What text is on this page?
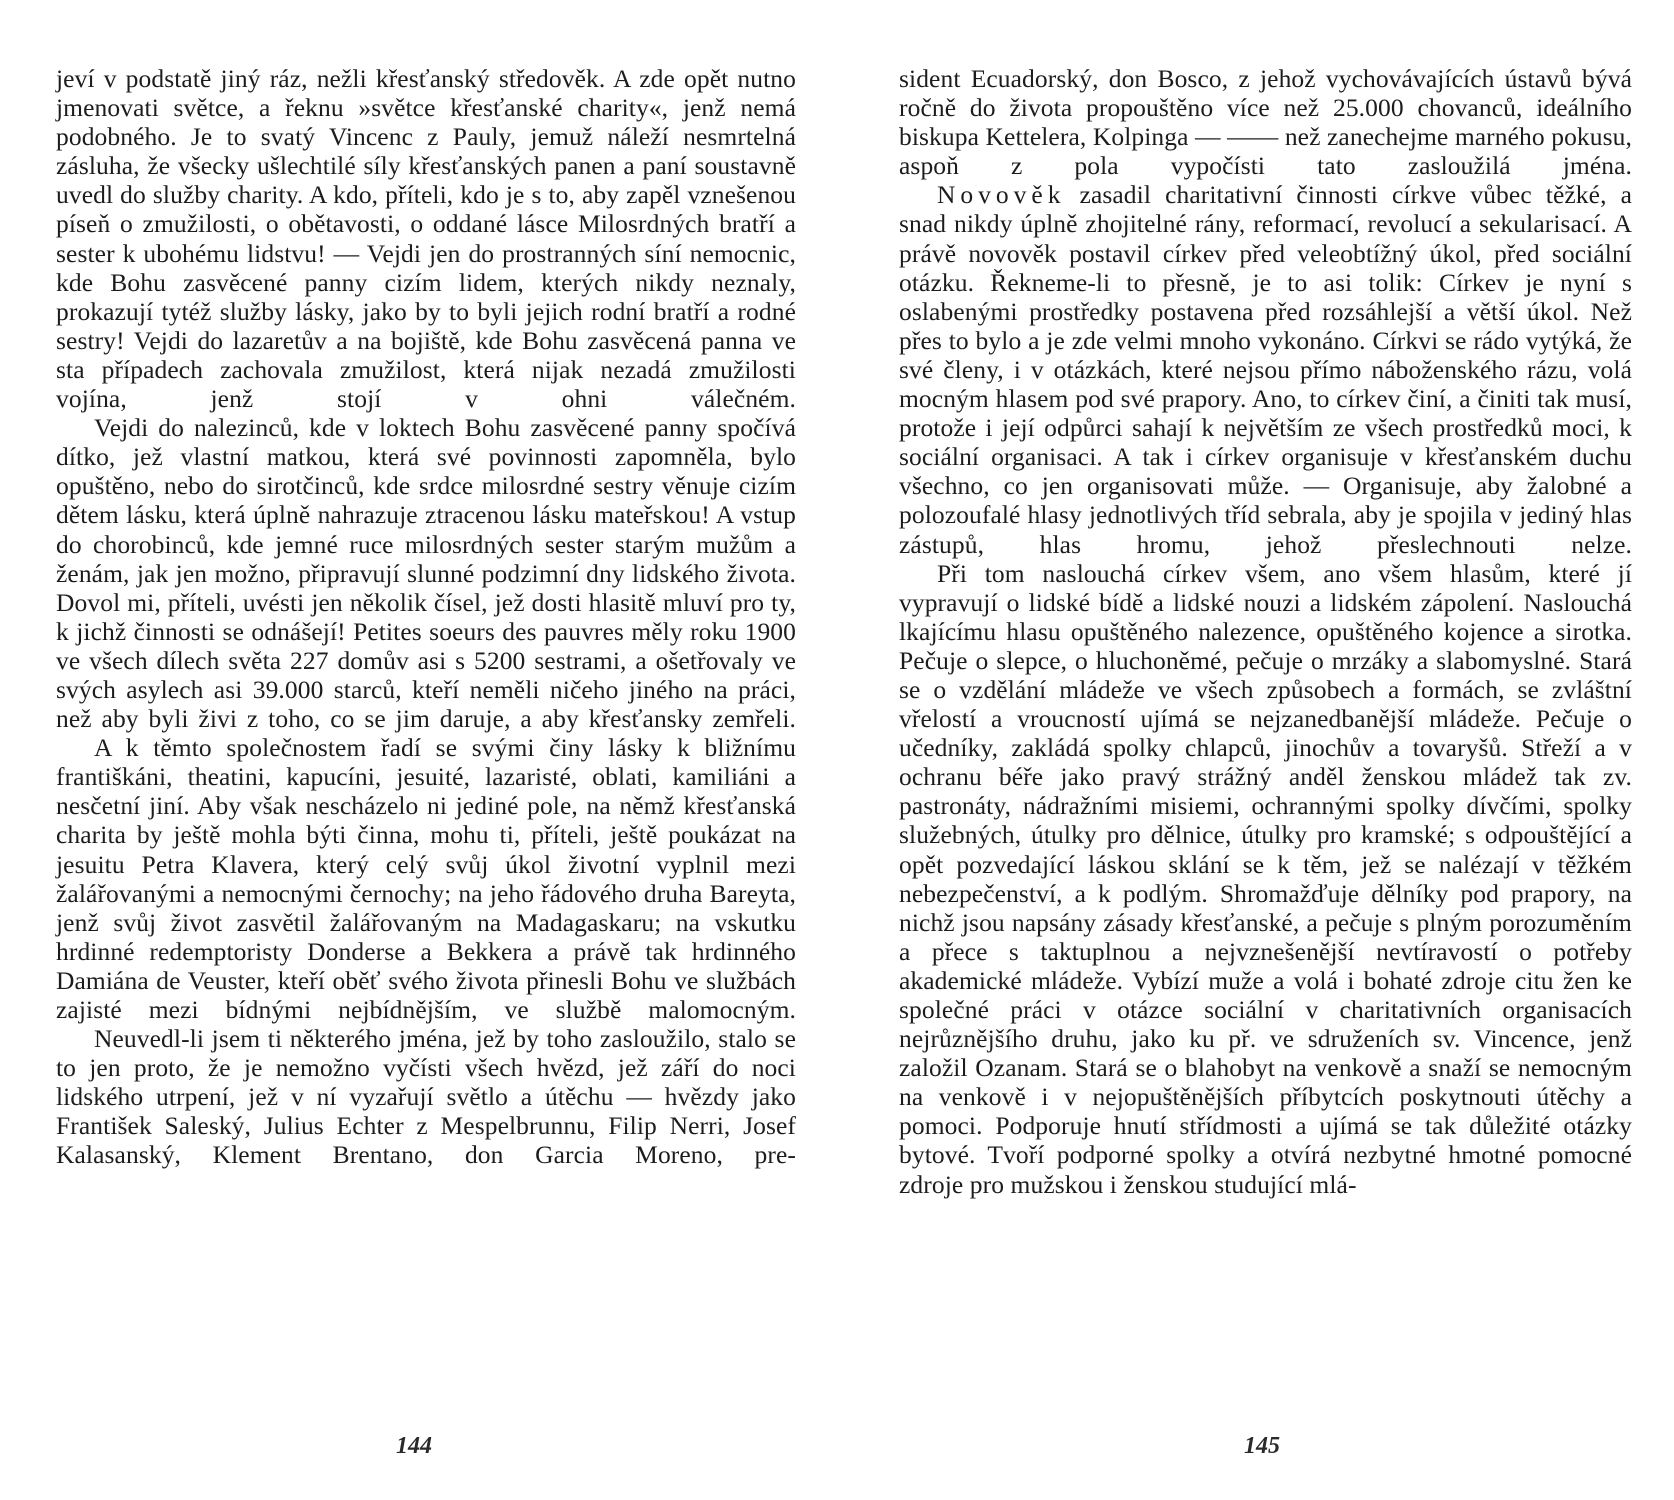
jeví v podstatě jiný ráz, nežli křesťanský středověk. A zde opět nutno jmenovati světce, a řeknu »světce křesťanské charity«, jenž nemá podobného. Je to svatý Vincenc z Pauly, jemuž náleží nesmrtelná zásluha, že všecky ušlechtilé síly křesťanských panen a paní soustavně uvedl do služby charity. A kdo, příteli, kdo je s to, aby zapěl vznešenou píseň o zmužilosti, o obětavosti, o oddané lásce Milosrdných bratří a sester k ubohému lidstvu! — Vejdi jen do prostranných síní nemocnic, kde Bohu zasvěcené panny cizím lidem, kterých nikdy neznaly, prokazují tytéž služby lásky, jako by to byli jejich rodní bratří a rodné sestry! Vejdi do lazaretův a na bojiště, kde Bohu zasvěcená panna ve sta případech zachovala zmužilost, která nijak nezadá zmužilosti vojína, jenž stojí v ohni válečném.

Vejdi do nalezinců, kde v loktech Bohu zasvěcené panny spočívá dítko, jež vlastní matkou, která své povinnosti zapomněla, bylo opuštěno, nebo do sirotčinců, kde srdce milosrdné sestry věnuje cizím dětem lásku, která úplně nahrazuje ztracenou lásku mateřskou! A vstup do chorobinců, kde jemné ruce milosrdných sester starým mužům a ženám, jak jen možno, připravují slunné podzimní dny lidského života. Dovol mi, příteli, uvésti jen několik čísel, jež dosti hlasitě mluví pro ty, k jichž činnosti se odnášejí! Petites soeurs des pauvres měly roku 1900 ve všech dílech světa 227 domův asi s 5200 sestrami, a ošetřovaly ve svých asylech asi 39.000 starců, kteří neměli ničeho jiného na práci, než aby byli živi z toho, co se jim daruje, a aby křesťansky zemřeli.

A k těmto společnostem řadí se svými činy lásky k bližnímu františkáni, theatini, kapucíni, jesuité, lazaristé, oblati, kamiliáni a nesčetní jiní. Aby však nescházelo ni jediné pole, na němž křesťanská charita by ještě mohla býti činna, mohu ti, příteli, ještě poukázat na jesuitu Petra Klavera, který celý svůj úkol životní vyplnil mezi žalářovanými a nemocnými černochy; na jeho řádového druha Bareyta, jenž svůj život zasvětil žalářovaným na Madagaskaru; na vskutku hrdinné redemptoristy Donderse a Bekkera a právě tak hrdinného Damiána de Veuster, kteří oběť svého života přinesli Bohu ve službách zajisté mezi bídnými nejbídnějším, ve službě malomocným.

Neuvedl-li jsem ti některého jména, jež by toho zasloužilo, stalo se to jen proto, že je nemožno vyčísti všech hvězd, jež září do noci lidského utrpení, jež v ní vyzařují světlo a útěchu — hvězdy jako František Saleský, Julius Echter z Mespelbrunnu, Filip Nerri, Josef Kalasanský, Klement Brentano, don Garcia Moreno, pre-

144

sident Ecuadorský, don Bosco, z jehož vychovávajících ústavů bývá ročně do života propouštěno více než 25.000 chovanců, ideálního biskupa Kettelera, Kolpinga — —— než zanechejme marného pokusu, aspoň z pola vypočísti tato zasloužilá jména.

Novověk zasadil charitativní činnosti církve vůbec těžké, a snad nikdy úplně zhojitelné rány, reformací, revolucí a sekularisací. A právě novověk postavil církev před veleobtížný úkol, před sociální otázku. Řekneme-li to přesně, je to asi tolik: Církev je nyní s oslabenými prostředky postavena před rozsáhlejší a větší úkol. Než přes to bylo a je zde velmi mnoho vykonáno. Církvi se rádo vytýká, že své členy, i v otázkách, které nejsou přímo náboženského rázu, volá mocným hlasem pod své prapory. Ano, to církev činí, a činiti tak musí, protože i její odpůrci sahají k největším ze všech prostředků moci, k sociální organisaci. A tak i církev organisuje v křesťanském duchu všechno, co jen organisovati může. — Organisuje, aby žalobné a polozoufalé hlasy jednotlivých tříd sebrala, aby je spojila v jediný hlas zástupů, hlas hromu, jehož přeslechnouti nelze.

Při tom naslouchá církev všem, ano všem hlasům, které jí vypravují o lidské bídě a lidské nouzi a lidském zápolení. Naslouchá lkajícímu hlasu opuštěného nalezence, opuštěného kojence a sirotka. Pečuje o slepce, o hluchoněmé, pečuje o mrzáky a slabomyslné. Stará se o vzdělání mládeže ve všech způsobech a formách, se zvláštní vřelostí a vroucností ujímá se nejzanedbanější mládeže. Pečuje o učedníky, zakládá spolky chlapců, jinochův a tovaryšů. Střeží a v ochranu béře jako pravý strážný anděl ženskou mládež tak zv. pastronáty, nádražními misiemi, ochrannými spolky dívčími, spolky služebných, útulky pro dělnice, útulky pro kramské; s odpouštějící a opět pozvedající láskou sklání se k těm, jež se nalézají v těžkém nebezpečenství, a k podlým. Shromažďuje dělníky pod prapory, na nichž jsou napsány zásady křesťanské, a pečuje s plným porozuměním a přece s taktuplnou a nejvznešenější nevtíravostí o potřeby akademické mládeže. Vybízí muže a volá i bohaté zdroje citu žen ke společné práci v otázce sociální v charitativních organisacích nejrůznějšího druhu, jako ku př. ve sdruženích sv. Vincence, jenž založil Ozanam. Stará se o blahobyt na venkově a snaží se nemocným na venkově i v nejopuštěnějších příbytcích poskytnouti útěchy a pomoci. Podporuje hnutí střídmosti a ujímá se tak důležité otázky bytové. Tvoří podporné spolky a otvírá nezbytné hmotné pomocné zdroje pro mužskou i ženskou studující mlá-

145
